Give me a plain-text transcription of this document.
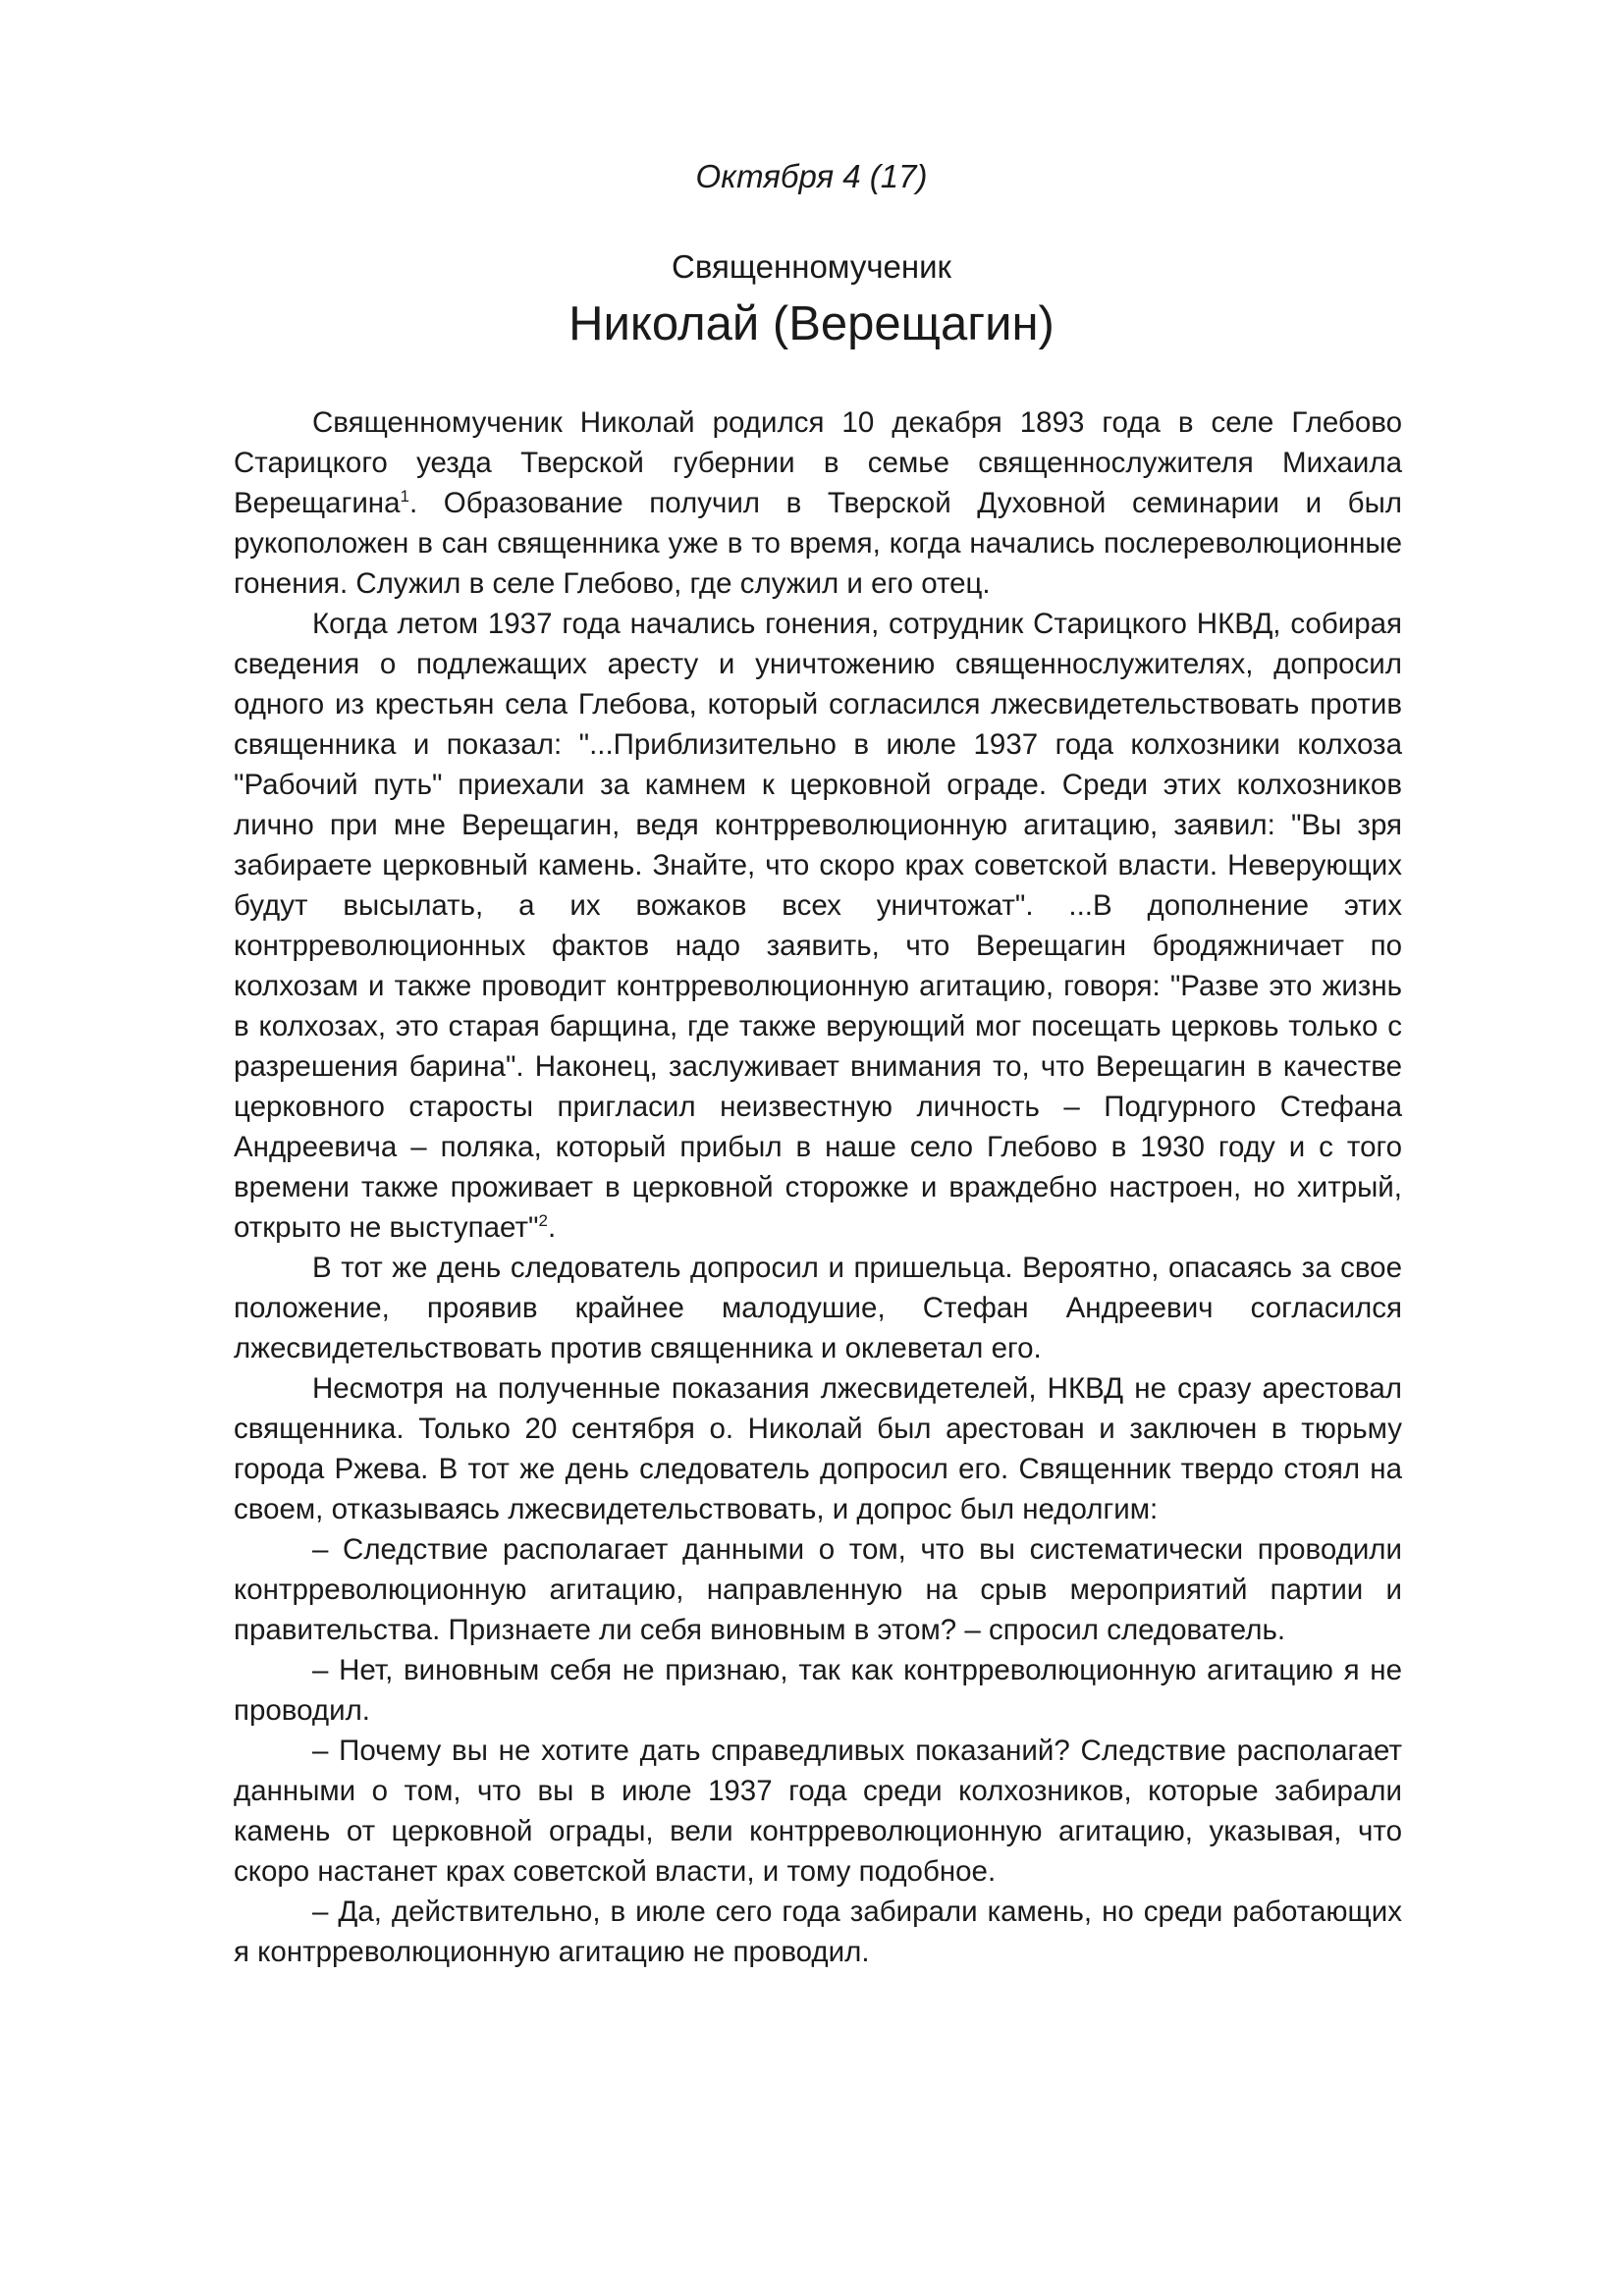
Октября 4 (17)
Священномученик
Николай (Верещагин)

Священномученик Николай родился 10 декабря 1893 года в селе Глебово Старицкого уезда Тверской губернии в семье священнослужителя Михаила Верещагина$^1$. Образование получил в Тверской Духовной семинарии и был рукоположен в сан священника уже в то время, когда начались послереволюционные гонения. Служил в селе Глебово, где служил и его отец.

Когда летом 1937 года начались гонения, сотрудник Старицкого НКВД, собирая сведения о подлежащих аресту и уничтожению священнослужителях, допросил одного из крестьян села Глебова, который согласился лжесвидетельствовать против священника и показал: "...Приблизительно в июле 1937 года колхозники колхоза "Рабочий путь" приехали за камнем к церковной ограде. Среди этих колхозников лично при мне Верещагин, ведя контрреволюционную агитацию, заявил: "Вы зря забираете церковный камень. Знайте, что скоро крах советской власти. Неверующих будут высылать, а их вожаков всех уничтожат". ...В дополнение этих контрреволюционных фактов надо заявить, что Верещагин бродяжничает по колхозам и также проводит контрреволюционную агитацию, говоря: "Разве это жизнь в колхозах, это старая барщина, где также верующий мог посещать церковь только с разрешения барина". Наконец, заслуживает внимания то, что Верещагин в качестве церковного старосты пригласил неизвестную личность – Подгурного Стефана Андреевича – поляка, который прибыл в наше село Глебово в 1930 году и с того времени также проживает в церковной сторожке и враждебно настроен, но хитрый, открыто не выступает"$^2$.

В тот же день следователь допросил и пришельца. Вероятно, опасаясь за свое положение, проявив крайнее малодушие, Стефан Андреевич согласился лжесвидетельствовать против священника и оклеветал его.

Несмотря на полученные показания лжесвидетелей, НКВД не сразу арестовал священника. Только 20 сентября о. Николай был арестован и заключен в тюрьму города Ржева. В тот же день следователь допросил его. Священник твердо стоял на своем, отказываясь лжесвидетельствовать, и допрос был недолгим:

– Следствие располагает данными о том, что вы систематически проводили контрреволюционную агитацию, направленную на срыв мероприятий партии и правительства. Признаете ли себя виновным в этом? – спросил следователь.

– Нет, виновным себя не признаю, так как контрреволюционную агитацию я не проводил.

– Почему вы не хотите дать справедливых показаний? Следствие располагает данными о том, что вы в июле 1937 года среди колхозников, которые забирали камень от церковной ограды, вели контрреволюционную агитацию, указывая, что скоро настанет крах советской власти, и тому подобное.

– Да, действительно, в июле сего года забирали камень, но среди работающих я контрреволюционную агитацию не проводил.
